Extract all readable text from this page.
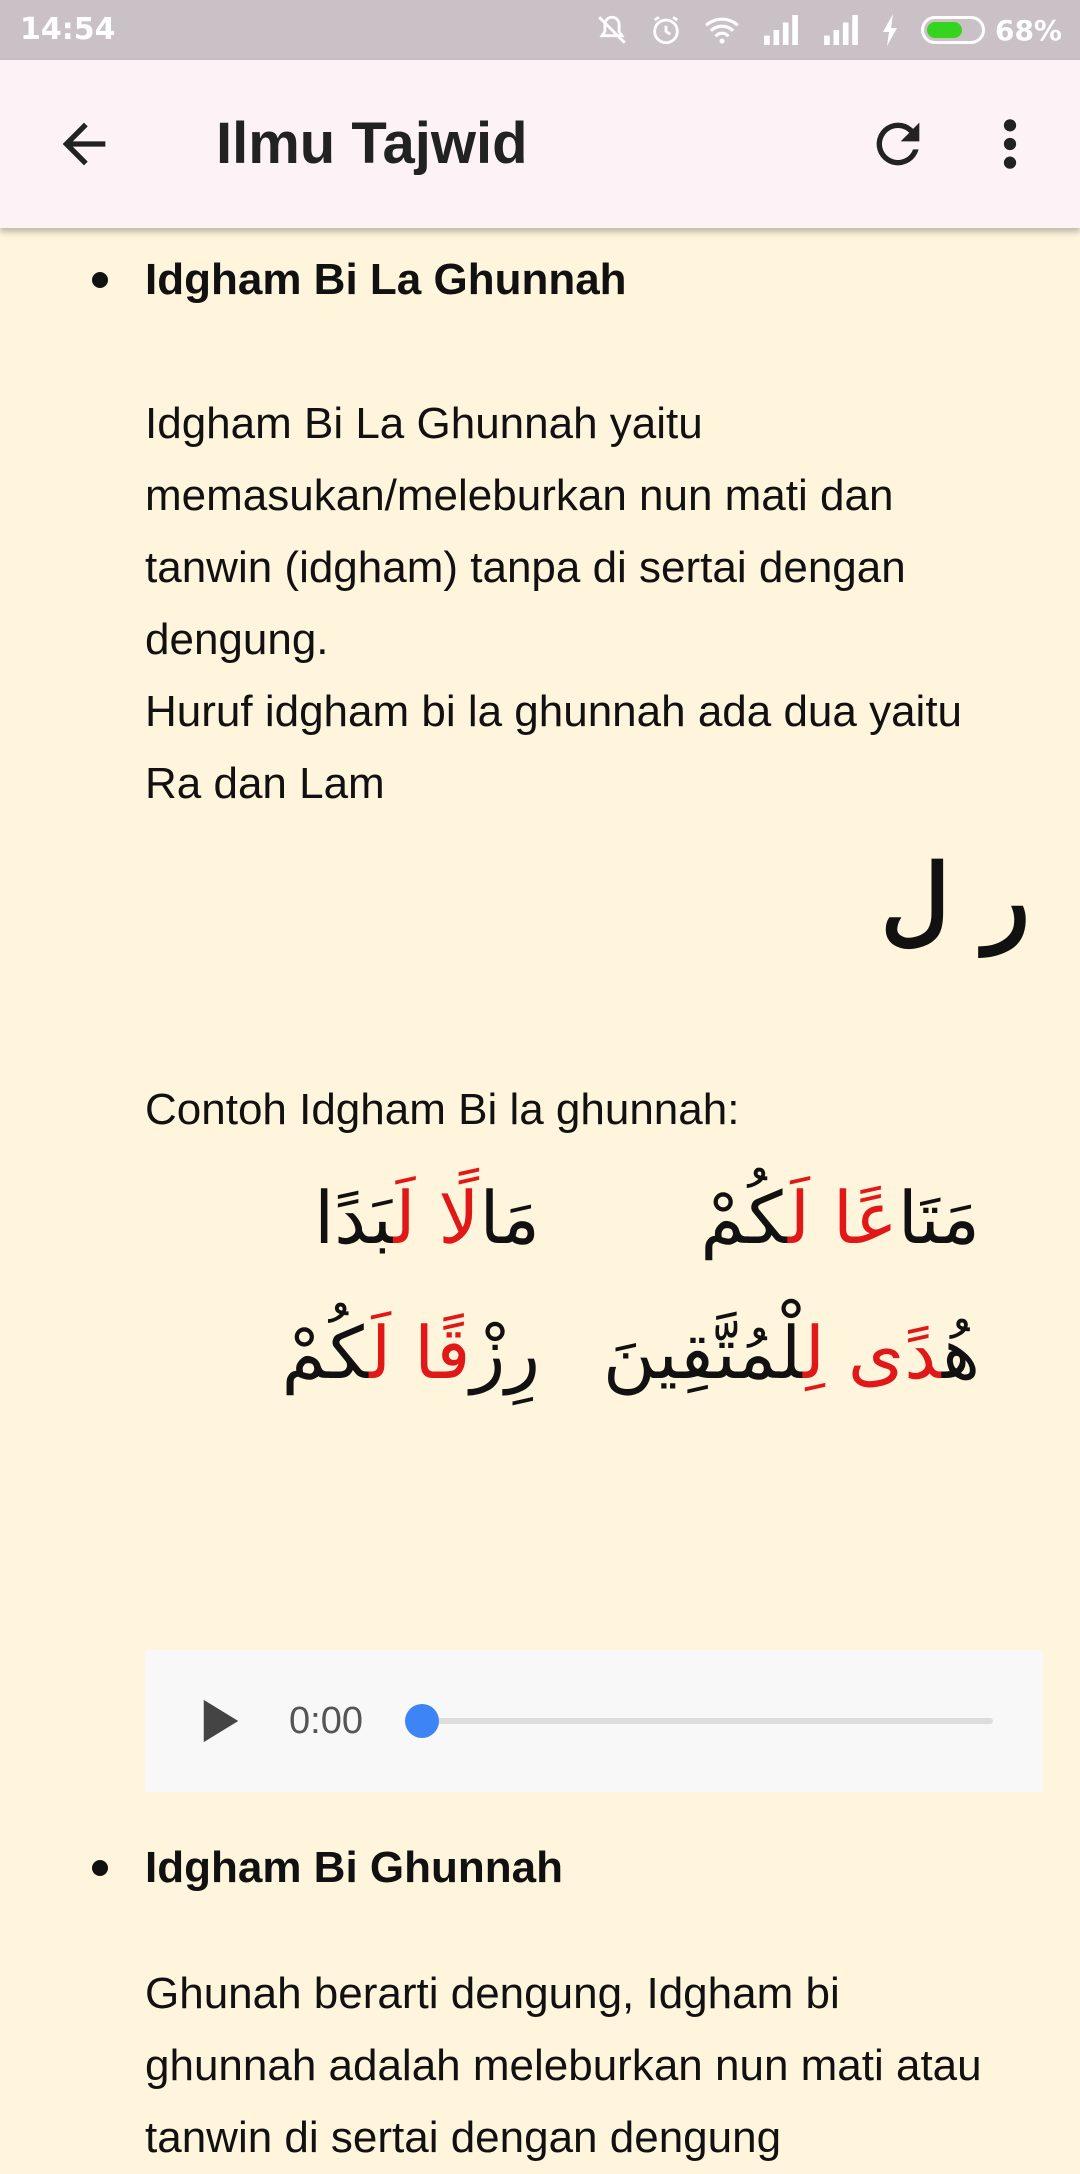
14:54	68%
Ilmu Tajwid
Idgham Bi La Ghunnah
Idgham Bi La Ghunnah yaitu
memasukan/meleburkan nun mati dan
tanwin (idgham) tanpa di sertai dengan
dengung.
Huruf idgham bi la ghunnah ada dua yaitu
Ra dan Lam
ر ل
Contoh Idgham Bi la ghunnah:
مَتَاعًا لَكُمْ
مَالًا لَبَدًا
هُدًى لِلْمُتَّقِينَ
رِزْقًا لَكُمْ
0:00
Idgham Bi Ghunnah
Ghunah berarti dengung, Idgham bi
ghunnah adalah meleburkan nun mati atau
tanwin di sertai dengan dengung
